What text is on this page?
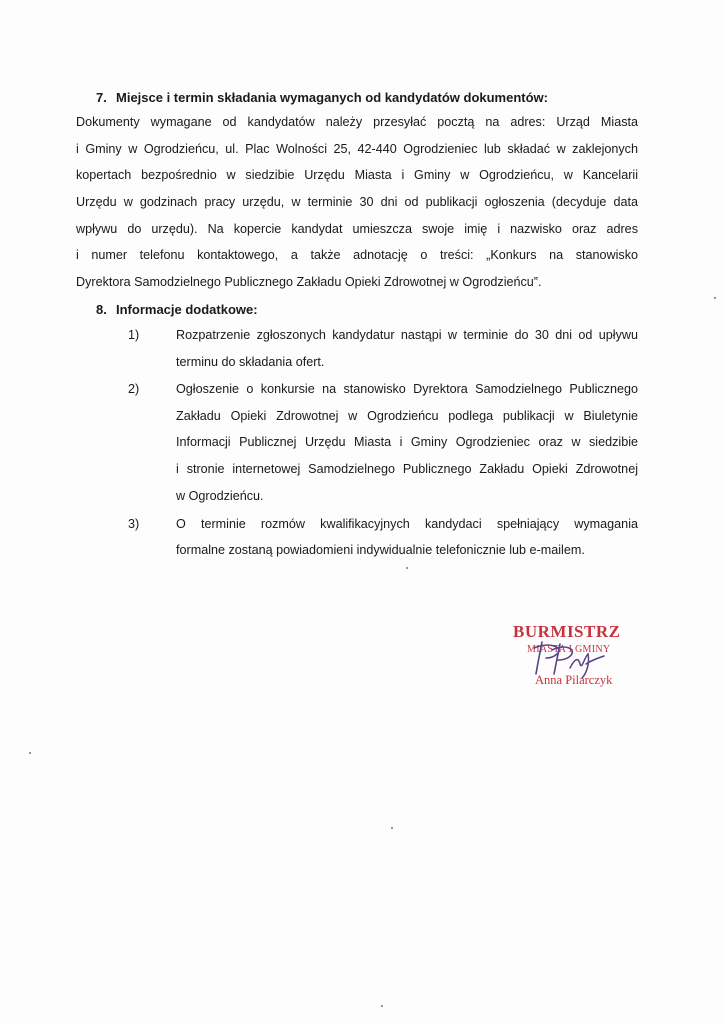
7. Miejsce i termin składania wymaganych od kandydatów dokumentów:
Dokumenty wymagane od kandydatów należy przesyłać pocztą na adres: Urząd Miasta
i Gminy w Ogrodzieńcu, ul. Plac Wolności 25, 42-440 Ogrodzieniec lub składać w zaklejonych
kopertach bezpośrednio w siedzibie Urzędu Miasta i Gminy w Ogrodzieńcu, w Kancelarii
Urzędu w godzinach pracy urzędu, w terminie 30 dni od publikacji ogłoszenia (decyduje data
wpływu do urzędu). Na kopercie kandydat umieszcza swoje imię i nazwisko oraz adres
i numer telefonu kontaktowego, a także adnotację o treści: „Konkurs na stanowisko
Dyrektora Samodzielnego Publicznego Zakładu Opieki Zdrowotnej w Ogrodzieńcu”.
8. Informacje dodatkowe:
1)	Rozpatrzenie zgłoszonych kandydatur nastąpi w terminie do 30 dni od upływu
terminu do składania ofert.
2)	Ogłoszenie o konkursie na stanowisko Dyrektora Samodzielnego Publicznego
Zakładu Opieki Zdrowotnej w Ogrodzieńcu podlega publikacji w Biuletynie
Informacji Publicznej Urzędu Miasta i Gminy Ogrodzieniec oraz w siedzibie
i stronie internetowej Samodzielnego Publicznego Zakładu Opieki Zdrowotnej
w Ogrodzieńcu.
3)	O terminie rozmów kwalifikacyjnych kandydaci spełniający wymagania
formalne zostaną powiadomieni indywidualnie telefonicznie lub e-mailem.
BURMISTRZ
MIASTA I GMINY
Anna Pilarczyk
